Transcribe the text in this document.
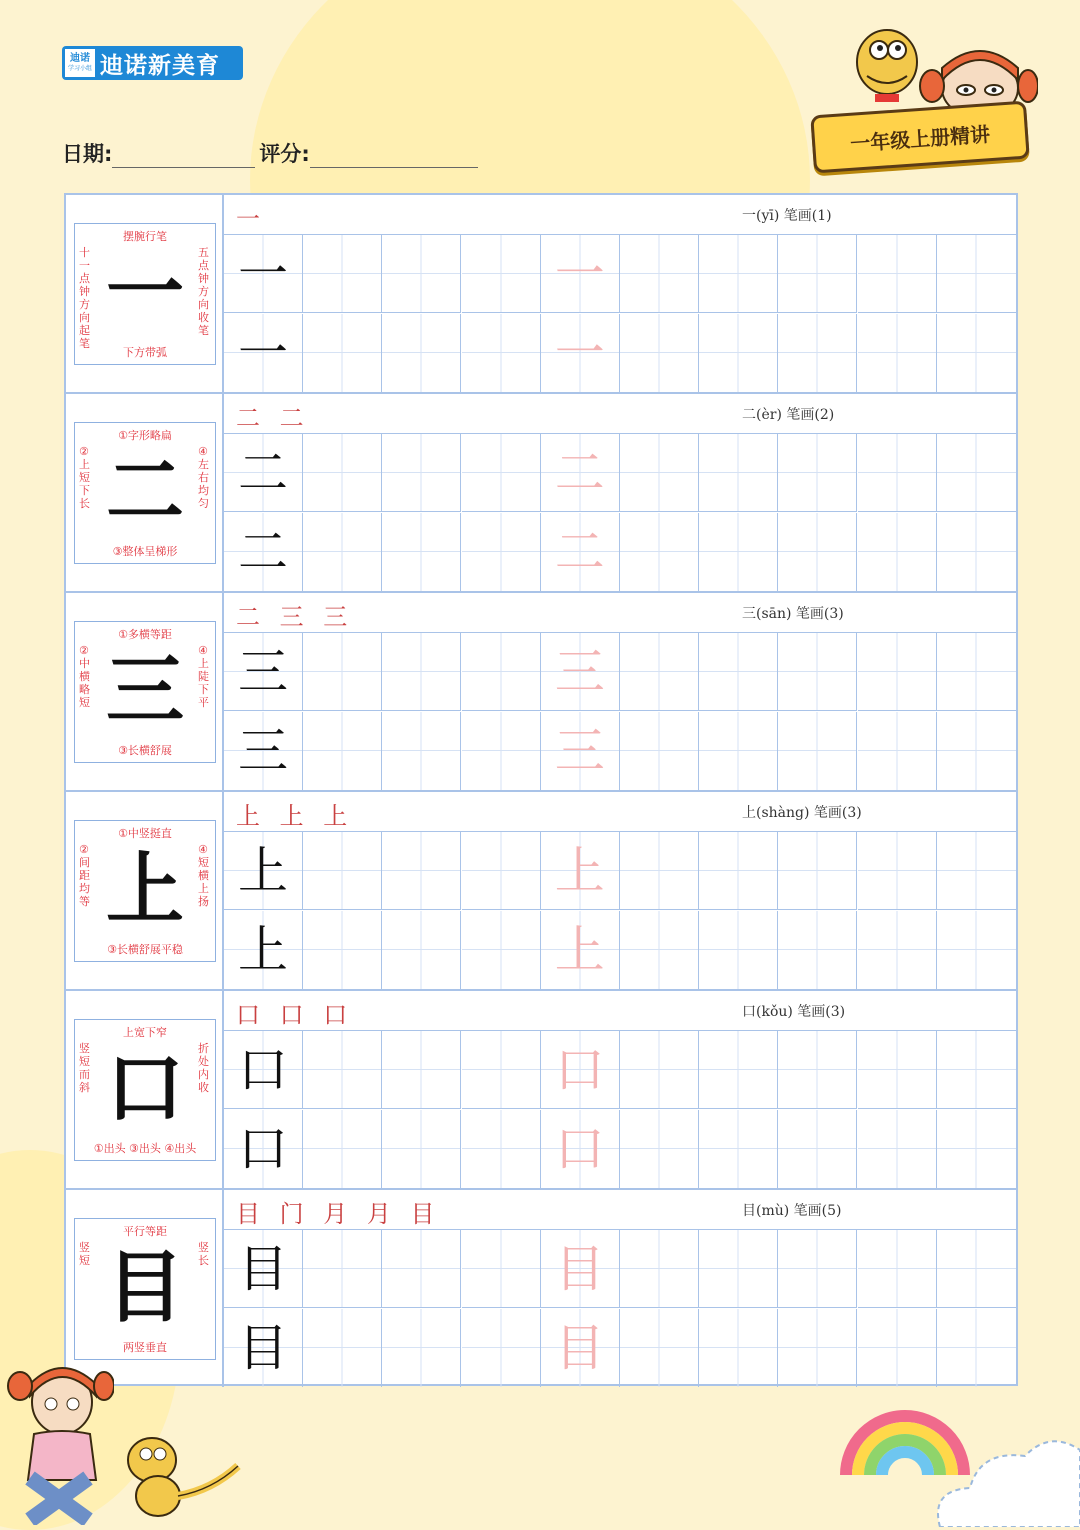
迪诺
学习小组 迪诺新美育
日期:	评分:	一年级上册精讲
摆腕行笔
十一点钟方向起笔
五点钟方向收笔
一
下方带弧
一	一(yī) 笔画(1)
一	一
一	一
①字形略扁
②上短下长
④左右均匀
二
③整体呈梯形
二 二	二(èr) 笔画(2)
二	二
二	二
①多横等距
②中横略短
④上陡下平
三
③长横舒展
二 三 三	三(sān) 笔画(3)
三	三
三	三
①中竖挺直
②间距均等
④短横上扬
上
③长横舒展平稳
上 上 上	上(shàng) 笔画(3)
上	上
上	上
上宽下窄
竖短而斜
折处内收
口
①出头 ③出头 ④出头
口 口 口	口(kǒu) 笔画(3)
口	口
口	口
平行等距
竖短
竖长
目
两竖垂直
目 门 月 月 目	目(mù) 笔画(5)
目	目
目	目
